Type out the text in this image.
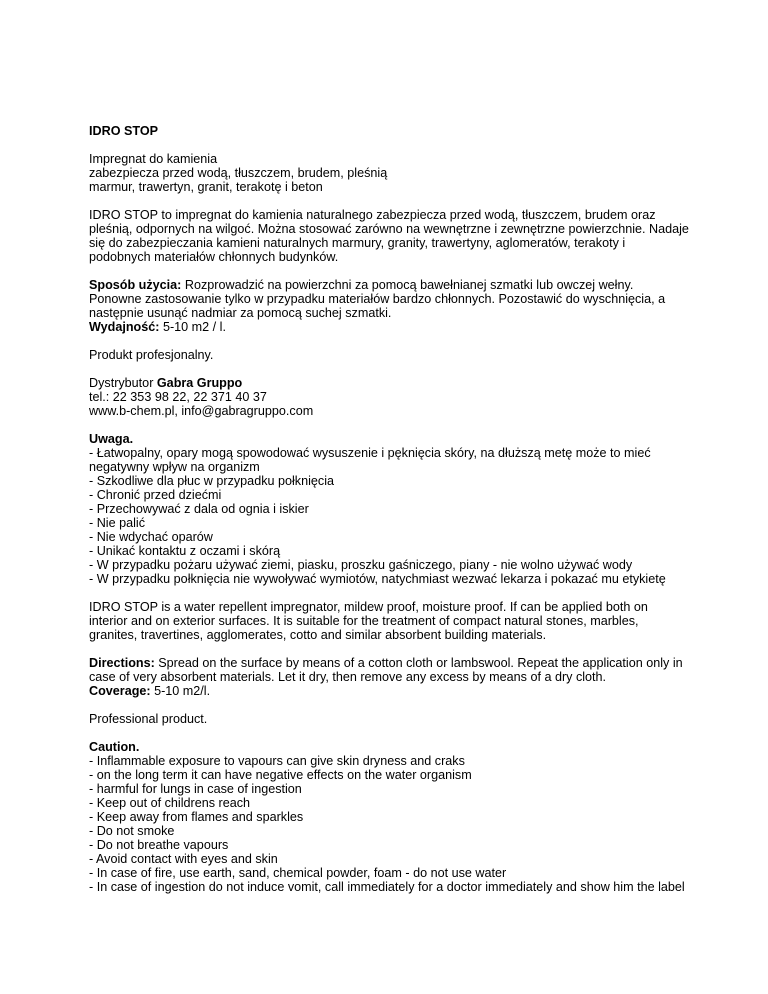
IDRO STOP

Impregnat do kamienia
zabezpiecza przed wodą, tłuszczem, brudem, pleśnią
marmur, trawertyn, granit, terakotę i beton

IDRO STOP to impregnat do kamienia naturalnego zabezpiecza przed wodą, tłuszczem, brudem oraz pleśnią, odpornych na wilgoć. Można stosować zarówno na wewnętrzne i zewnętrzne powierzchnie. Nadaje się do zabezpieczania kamieni naturalnych marmury, granity, trawertyny, aglomeratów, terakoty i podobnych materiałów chłonnych budynków.

Sposób użycia: Rozprowadzić na powierzchni za pomocą bawełnianej szmatki lub owczej wełny. Ponowne zastosowanie tylko w przypadku materiałów bardzo chłonnych. Pozostawić do wyschnięcia, a następnie usunąć nadmiar za pomocą suchej szmatki.
Wydajność: 5-10 m2 / l.

Produkt profesjonalny.

Dystrybutor Gabra Gruppo
tel.: 22 353 98 22, 22 371 40 37
www.b-chem.pl, info@gabragruppo.com

Uwaga.
- Łatwopalny, opary mogą spowodować wysuszenie i pęknięcia skóry, na dłuższą metę może to mieć negatywny wpływ na organizm
- Szkodliwe dla płuc w przypadku połknięcia
- Chronić przed dziećmi
- Przechowywać z dala od ognia i iskier
- Nie palić
- Nie wdychać oparów
- Unikać kontaktu z oczami i skórą
- W przypadku pożaru używać ziemi, piasku, proszku gaśniczego, piany - nie wolno używać wody
- W przypadku połknięcia nie wywoływać wymiotów, natychmiast wezwać lekarza i pokazać mu etykietę

IDRO STOP is a water repellent impregnator, mildew proof, moisture proof. If can be applied both on interior and on exterior surfaces. It is suitable for the treatment of compact natural stones, marbles, granites, travertines, agglomerates, cotto and similar absorbent building materials.

Directions: Spread on the surface by means of a cotton cloth or lambswool. Repeat the application only in case of very absorbent materials. Let it dry, then remove any excess by means of a dry cloth.
Coverage: 5-10 m2/l.

Professional product.

Caution.
- Inflammable exposure to vapours can give skin dryness and craks
- on the long term it can have negative effects on the water organism
- harmful for lungs in case of ingestion
- Keep out of childrens reach
- Keep away from flames and sparkles
- Do not smoke
- Do not breathe vapours
- Avoid contact with eyes and skin
- In case of fire, use earth, sand, chemical powder, foam - do not use water
- In case of ingestion do not induce vomit, call immediately for a doctor immediately and show him the label
